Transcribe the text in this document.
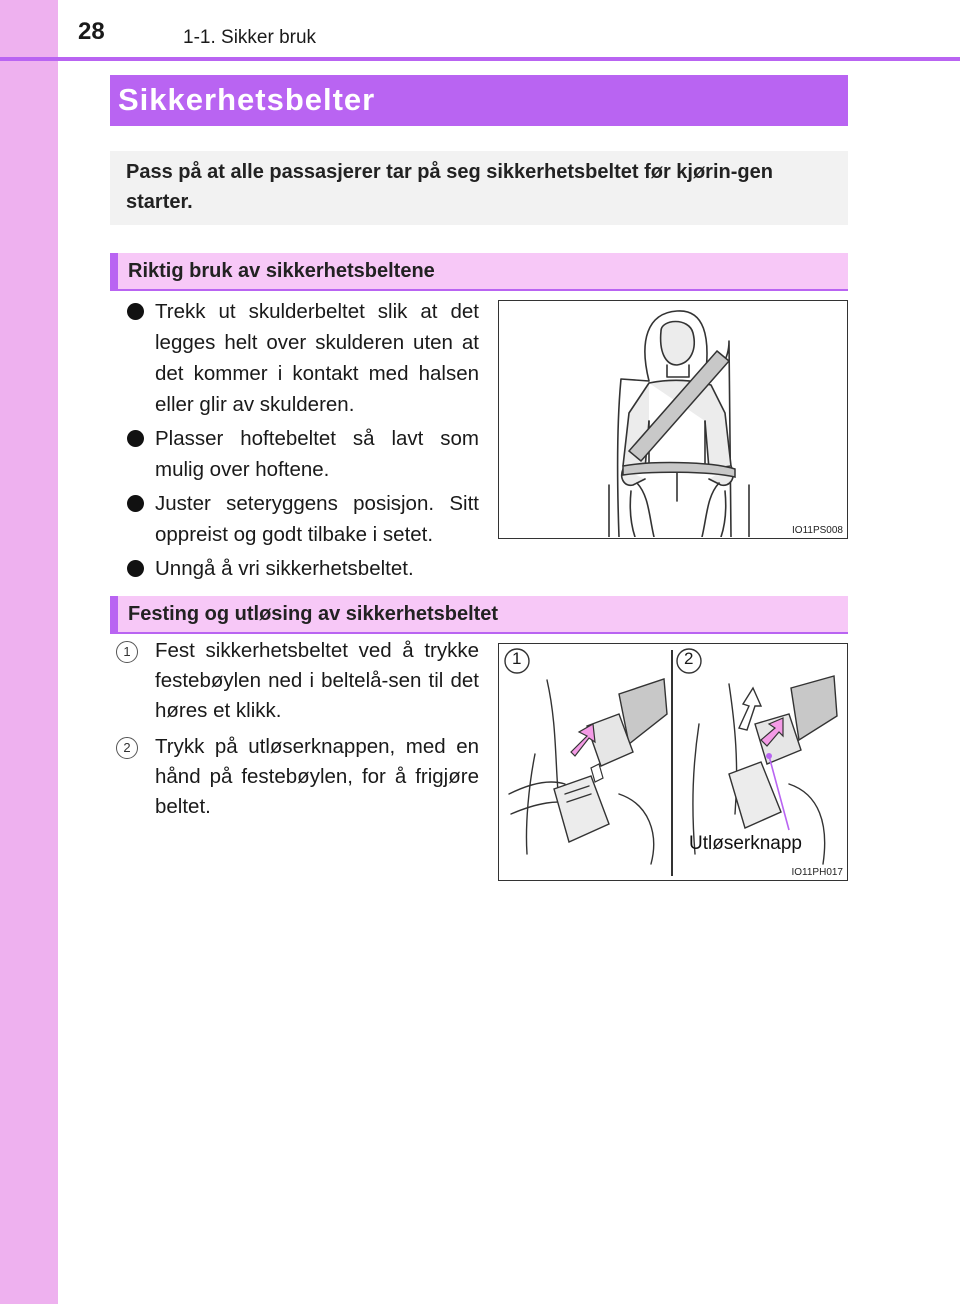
28	1-1. Sikker bruk
Sikkerhetsbelter
Pass på at alle passasjerer tar på seg sikkerhetsbeltet før kjørin-gen starter.
Riktig bruk av sikkerhetsbeltene
Trekk ut skulderbeltet slik at det legges helt over skulderen uten at det kommer i kontakt med halsen eller glir av skulderen.
Plasser hoftebeltet så lavt som mulig over hoftene.
Juster seteryggens posisjon. Sitt oppreist og godt tilbake i setet.
Unngå å vri sikkerhetsbeltet.
IO11PS008
Festing og utløsing av sikkerhetsbeltet
1	Fest sikkerhetsbeltet ved å trykke festebøylen ned i beltelå-sen til det høres et klikk.
2	Trykk på utløserknappen, med en hånd på festebøylen, for å frigjøre beltet.
IO11PH017
1	2
Utløserknapp
